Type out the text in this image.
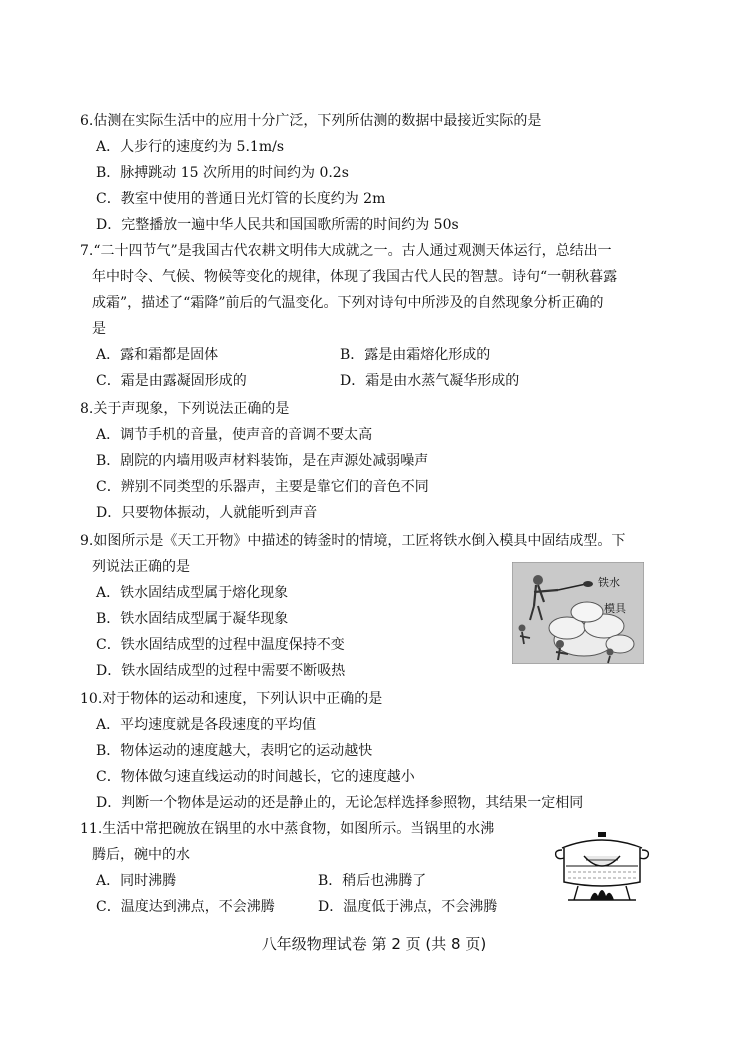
6.估测在实际生活中的应用十分广泛，下列所估测的数据中最接近实际的是
A．人步行的速度约为 5.1m/s
B．脉搏跳动 15 次所用的时间约为 0.2s
C．教室中使用的普通日光灯管的长度约为 2m
D．完整播放一遍中华人民共和国国歌所需的时间约为 50s
7.“二十四节气”是我国古代农耕文明伟大成就之一。古人通过观测天体运行，总结出一
年中时令、气候、物候等变化的规律，体现了我国古代人民的智慧。诗句“一朝秋暮露
成霜”，描述了“霜降”前后的气温变化。下列对诗句中所涉及的自然现象分析正确的
是
A．露和霜都是固体	B．露是由霜熔化形成的
C．霜是由露凝固形成的	D．霜是由水蒸气凝华形成的
8.关于声现象，下列说法正确的是
A．调节手机的音量，使声音的音调不要太高
B．剧院的内墙用吸声材料装饰，是在声源处减弱噪声
C．辨别不同类型的乐器声，主要是靠它们的音色不同
D．只要物体振动，人就能听到声音
9.如图所示是《天工开物》中描述的铸釜时的情境，工匠将铁水倒入模具中固结成型。下
列说法正确的是
A．铁水固结成型属于熔化现象
B．铁水固结成型属于凝华现象
C．铁水固结成型的过程中温度保持不变
D．铁水固结成型的过程中需要不断吸热
铁水
模具
10.对于物体的运动和速度，下列认识中正确的是
A．平均速度就是各段速度的平均值
B．物体运动的速度越大，表明它的运动越快
C．物体做匀速直线运动的时间越长，它的速度越小
D．判断一个物体是运动的还是静止的，无论怎样选择参照物，其结果一定相同
11.生活中常把碗放在锅里的水中蒸食物，如图所示。当锅里的水沸
腾后，碗中的水
A．同时沸腾	B．稍后也沸腾了
C．温度达到沸点，不会沸腾	D．温度低于沸点，不会沸腾
八年级物理试卷 第 2 页 (共 8 页)
